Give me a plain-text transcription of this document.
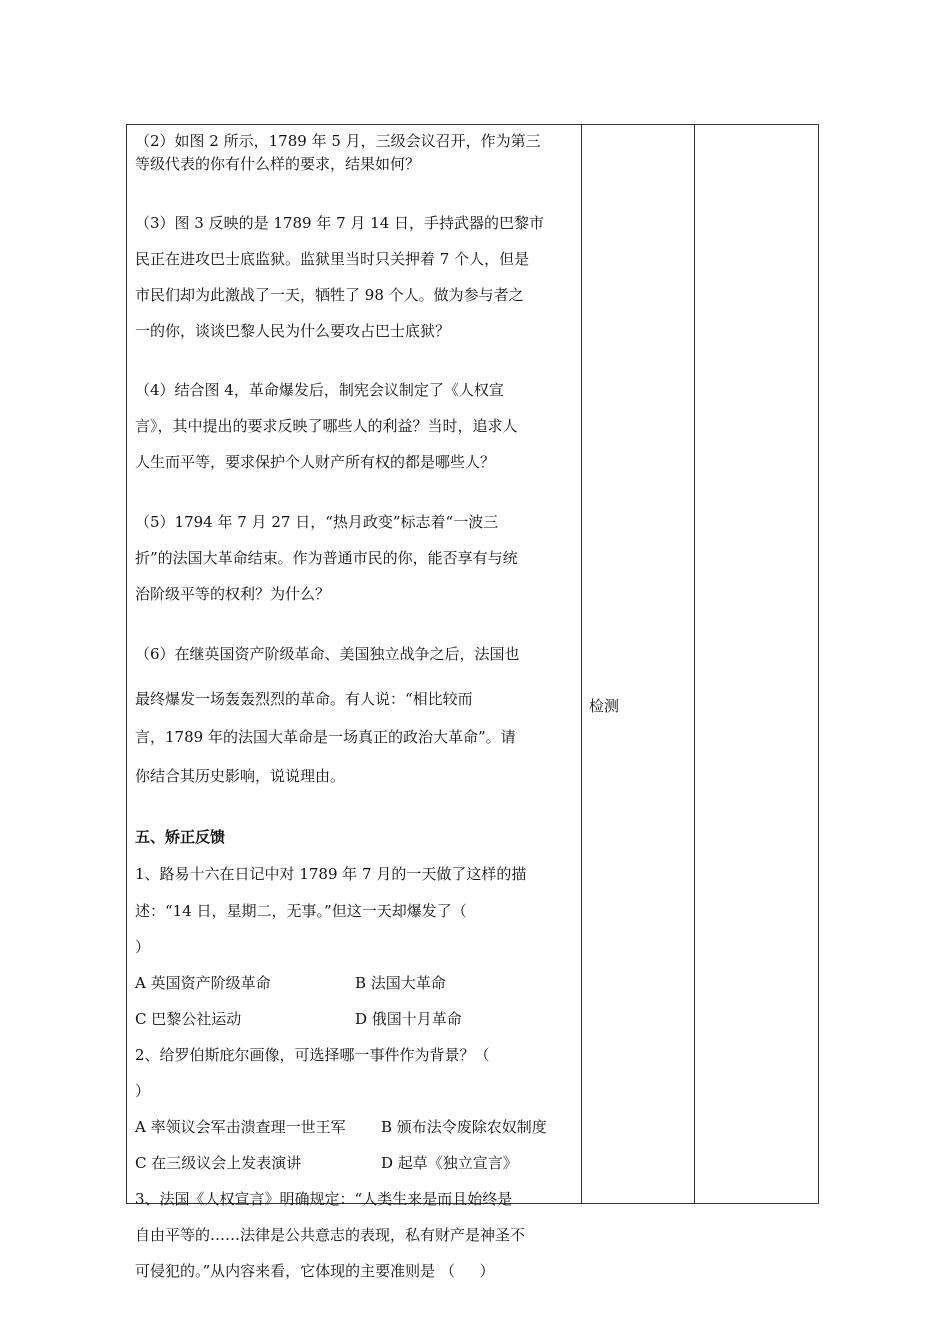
（2）如图 2 所示，1789 年 5 月，三级会议召开，作为第三
等级代表的你有什么样的要求，结果如何？
（3）图 3 反映的是 1789 年 7 月 14 日，手持武器的巴黎市
民正在进攻巴士底监狱。监狱里当时只关押着 7 个人，但是
市民们却为此激战了一天，牺牲了 98 个人。做为参与者之
一的你，谈谈巴黎人民为什么要攻占巴士底狱？
（4）结合图 4，革命爆发后，制宪会议制定了《人权宣
言》，其中提出的要求反映了哪些人的利益？当时，追求人
人生而平等，要求保护个人财产所有权的都是哪些人？
（5）1794 年 7 月 27 日，“热月政变”标志着“一波三
折”的法国大革命结束。作为普通市民的你，能否享有与统
治阶级平等的权利？为什么？
（6）在继英国资产阶级革命、美国独立战争之后，法国也
最终爆发一场轰轰烈烈的革命。有人说：“相比较而
言，1789 年的法国大革命是一场真正的政治大革命”。请
你结合其历史影响，说说理由。
五、矫正反馈
1、路易十六在日记中对 1789 年 7 月的一天做了这样的描
述：“14 日，星期二，无事。”但这一天却爆发了（
）
A 英国资产阶级革命	B 法国大革命
C 巴黎公社运动	D 俄国十月革命
2、给罗伯斯庇尔画像，可选择哪一事件作为背景？（
）
A 率领议会军击溃查理一世王军 B 颁布法令废除农奴制度
C 在三级议会上发表演讲	D 起草《独立宣言》
3、法国《人权宣言》明确规定：“人类生来是而且始终是
自由平等的……法律是公共意志的表现，私有财产是神圣不
可侵犯的。”从内容来看，它体现的主要准则是 （ 　 ）
检测
